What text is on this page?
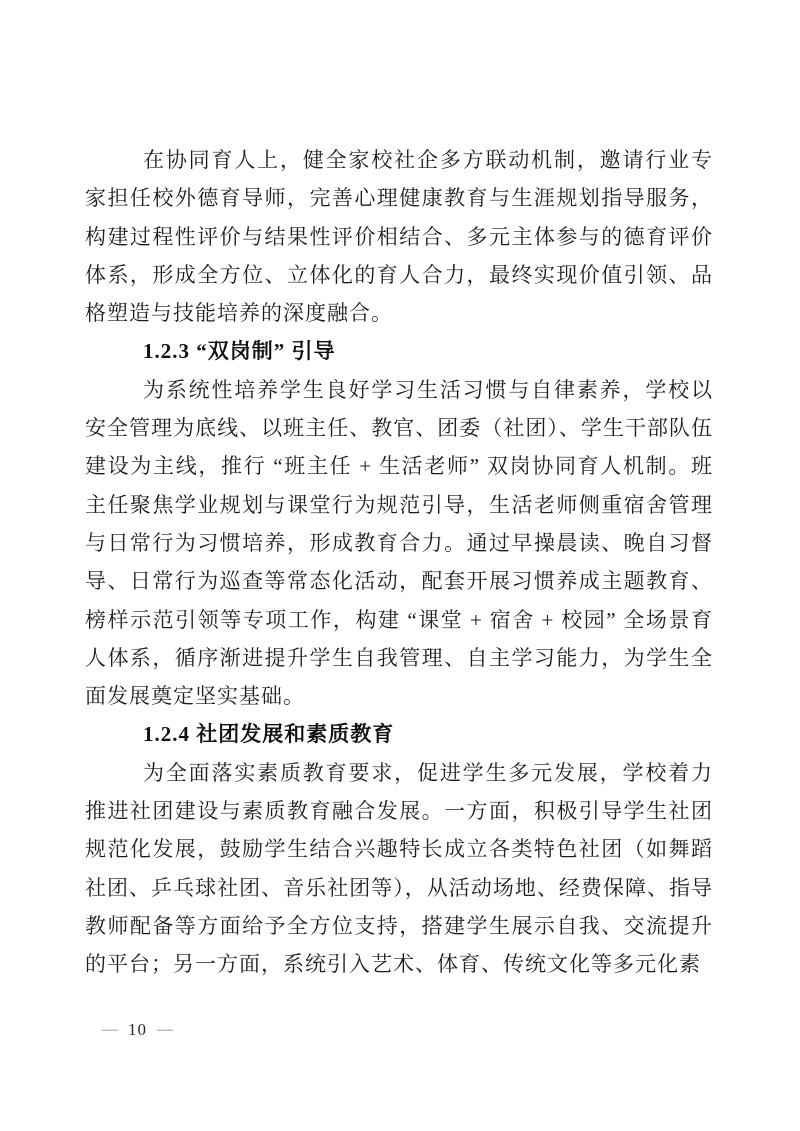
在协同育人上，健全家校社企多方联动机制，邀请行业专家担任校外德育导师，完善心理健康教育与生涯规划指导服务，构建过程性评价与结果性评价相结合、多元主体参与的德育评价体系，形成全方位、立体化的育人合力，最终实现价值引领、品格塑造与技能培养的深度融合。

1.2.3 “双岗制” 引导

为系统性培养学生良好学习生活习惯与自律素养，学校以安全管理为底线、以班主任、教官、团委（社团）、学生干部队伍建设为主线，推行 “班主任 + 生活老师” 双岗协同育人机制。班主任聚焦学业规划与课堂行为规范引导，生活老师侧重宿舍管理与日常行为习惯培养，形成教育合力。通过早操晨读、晚自习督导、日常行为巡查等常态化活动，配套开展习惯养成主题教育、榜样示范引领等专项工作，构建 “课堂 + 宿舍 + 校园” 全场景育人体系，循序渐进提升学生自我管理、自主学习能力，为学生全面发展奠定坚实基础。

1.2.4 社团发展和素质教育

为全面落实素质教育要求，促进学生多元发展，学校着力推进社团建设与素质教育融合发展。一方面，积极引导学生社团规范化发展，鼓励学生结合兴趣特长成立各类特色社团（如舞蹈社团、乒乓球社团、音乐社团等），从活动场地、经费保障、指导教师配备等方面给予全方位支持，搭建学生展示自我、交流提升的平台；另一方面，系统引入艺术、体育、传统文化等多元化素

— 10 —
